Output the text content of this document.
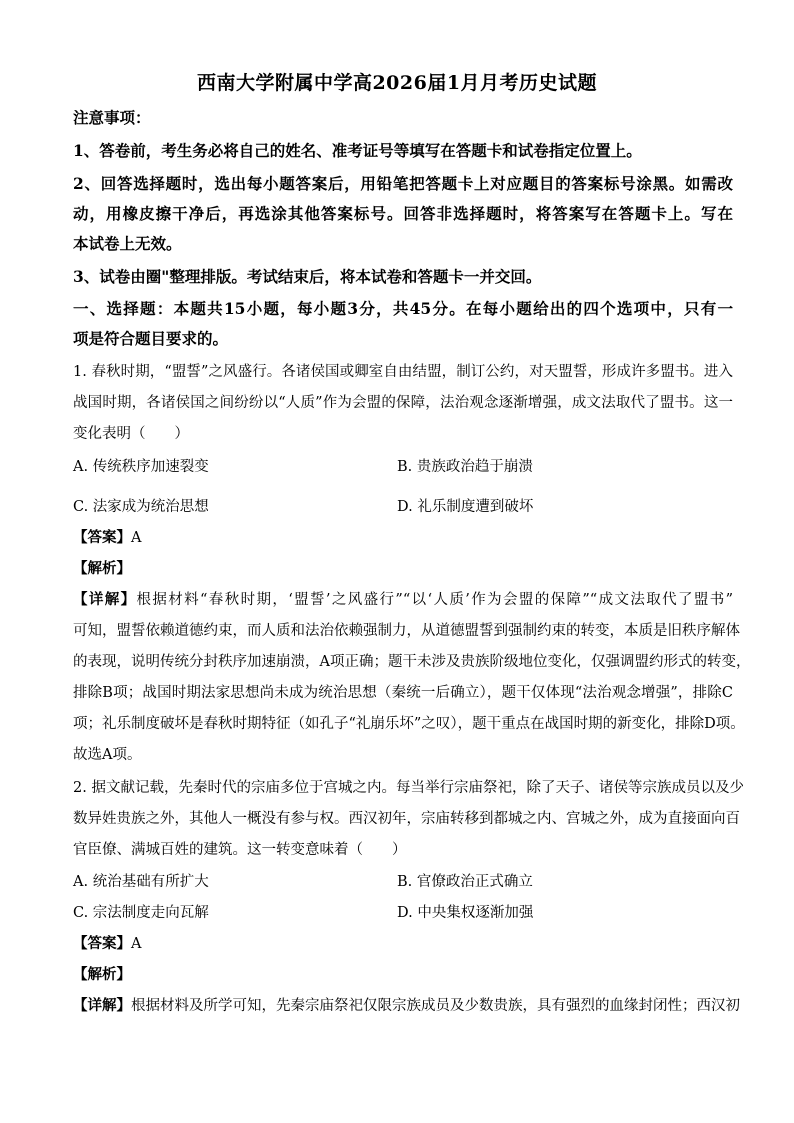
西南大学附属中学高2026届1月月考历史试题
注意事项：
1、答卷前，考生务必将自己的姓名、准考证号等填写在答题卡和试卷指定位置上。
2、回答选择题时，选出每小题答案后，用铅笔把答题卡上对应题目的答案标号涂黑。如需改
动，用橡皮擦干净后，再选涂其他答案标号。回答非选择题时，将答案写在答题卡上。写在
本试卷上无效。
3、试卷由圈"整理排版。考试结束后，将本试卷和答题卡一并交回。
一、选择题：本题共15小题，每小题3分，共45分。在每小题给出的四个选项中，只有一
项是符合题目要求的。
1. 春秋时期，“盟誓”之风盛行。各诸侯国或卿室自由结盟，制订公约，对天盟誓，形成许多盟书。进入
战国时期，各诸侯国之间纷纷以“人质”作为会盟的保障，法治观念逐渐增强，成文法取代了盟书。这一
变化表明（　　）
A. 传统秩序加速裂变	B. 贵族政治趋于崩溃
C. 法家成为统治思想	D. 礼乐制度遭到破坏
【答案】A
【解析】
【详解】根据材料“春秋时期，‘盟誓’之风盛行”“以‘人质’作为会盟的保障”“成文法取代了盟书”
可知，盟誓依赖道德约束，而人质和法治依赖强制力，从道德盟誓到强制约束的转变，本质是旧秩序解体
的表现，说明传统分封秩序加速崩溃，A项正确；题干未涉及贵族阶级地位变化，仅强调盟约形式的转变，
排除B项；战国时期法家思想尚未成为统治思想（秦统一后确立），题干仅体现“法治观念增强”，排除C
项；礼乐制度破坏是春秋时期特征（如孔子“礼崩乐坏”之叹），题干重点在战国时期的新变化，排除D项。
故选A项。
2. 据文献记载，先秦时代的宗庙多位于宫城之内。每当举行宗庙祭祀，除了天子、诸侯等宗族成员以及少
数异姓贵族之外，其他人一概没有参与权。西汉初年，宗庙转移到都城之内、宫城之外，成为直接面向百
官臣僚、满城百姓的建筑。这一转变意味着（　　）
A. 统治基础有所扩大	B. 官僚政治正式确立
C. 宗法制度走向瓦解	D. 中央集权逐渐加强
【答案】A
【解析】
【详解】根据材料及所学可知，先秦宗庙祭祀仅限宗族成员及少数贵族，具有强烈的血缘封闭性；西汉初
